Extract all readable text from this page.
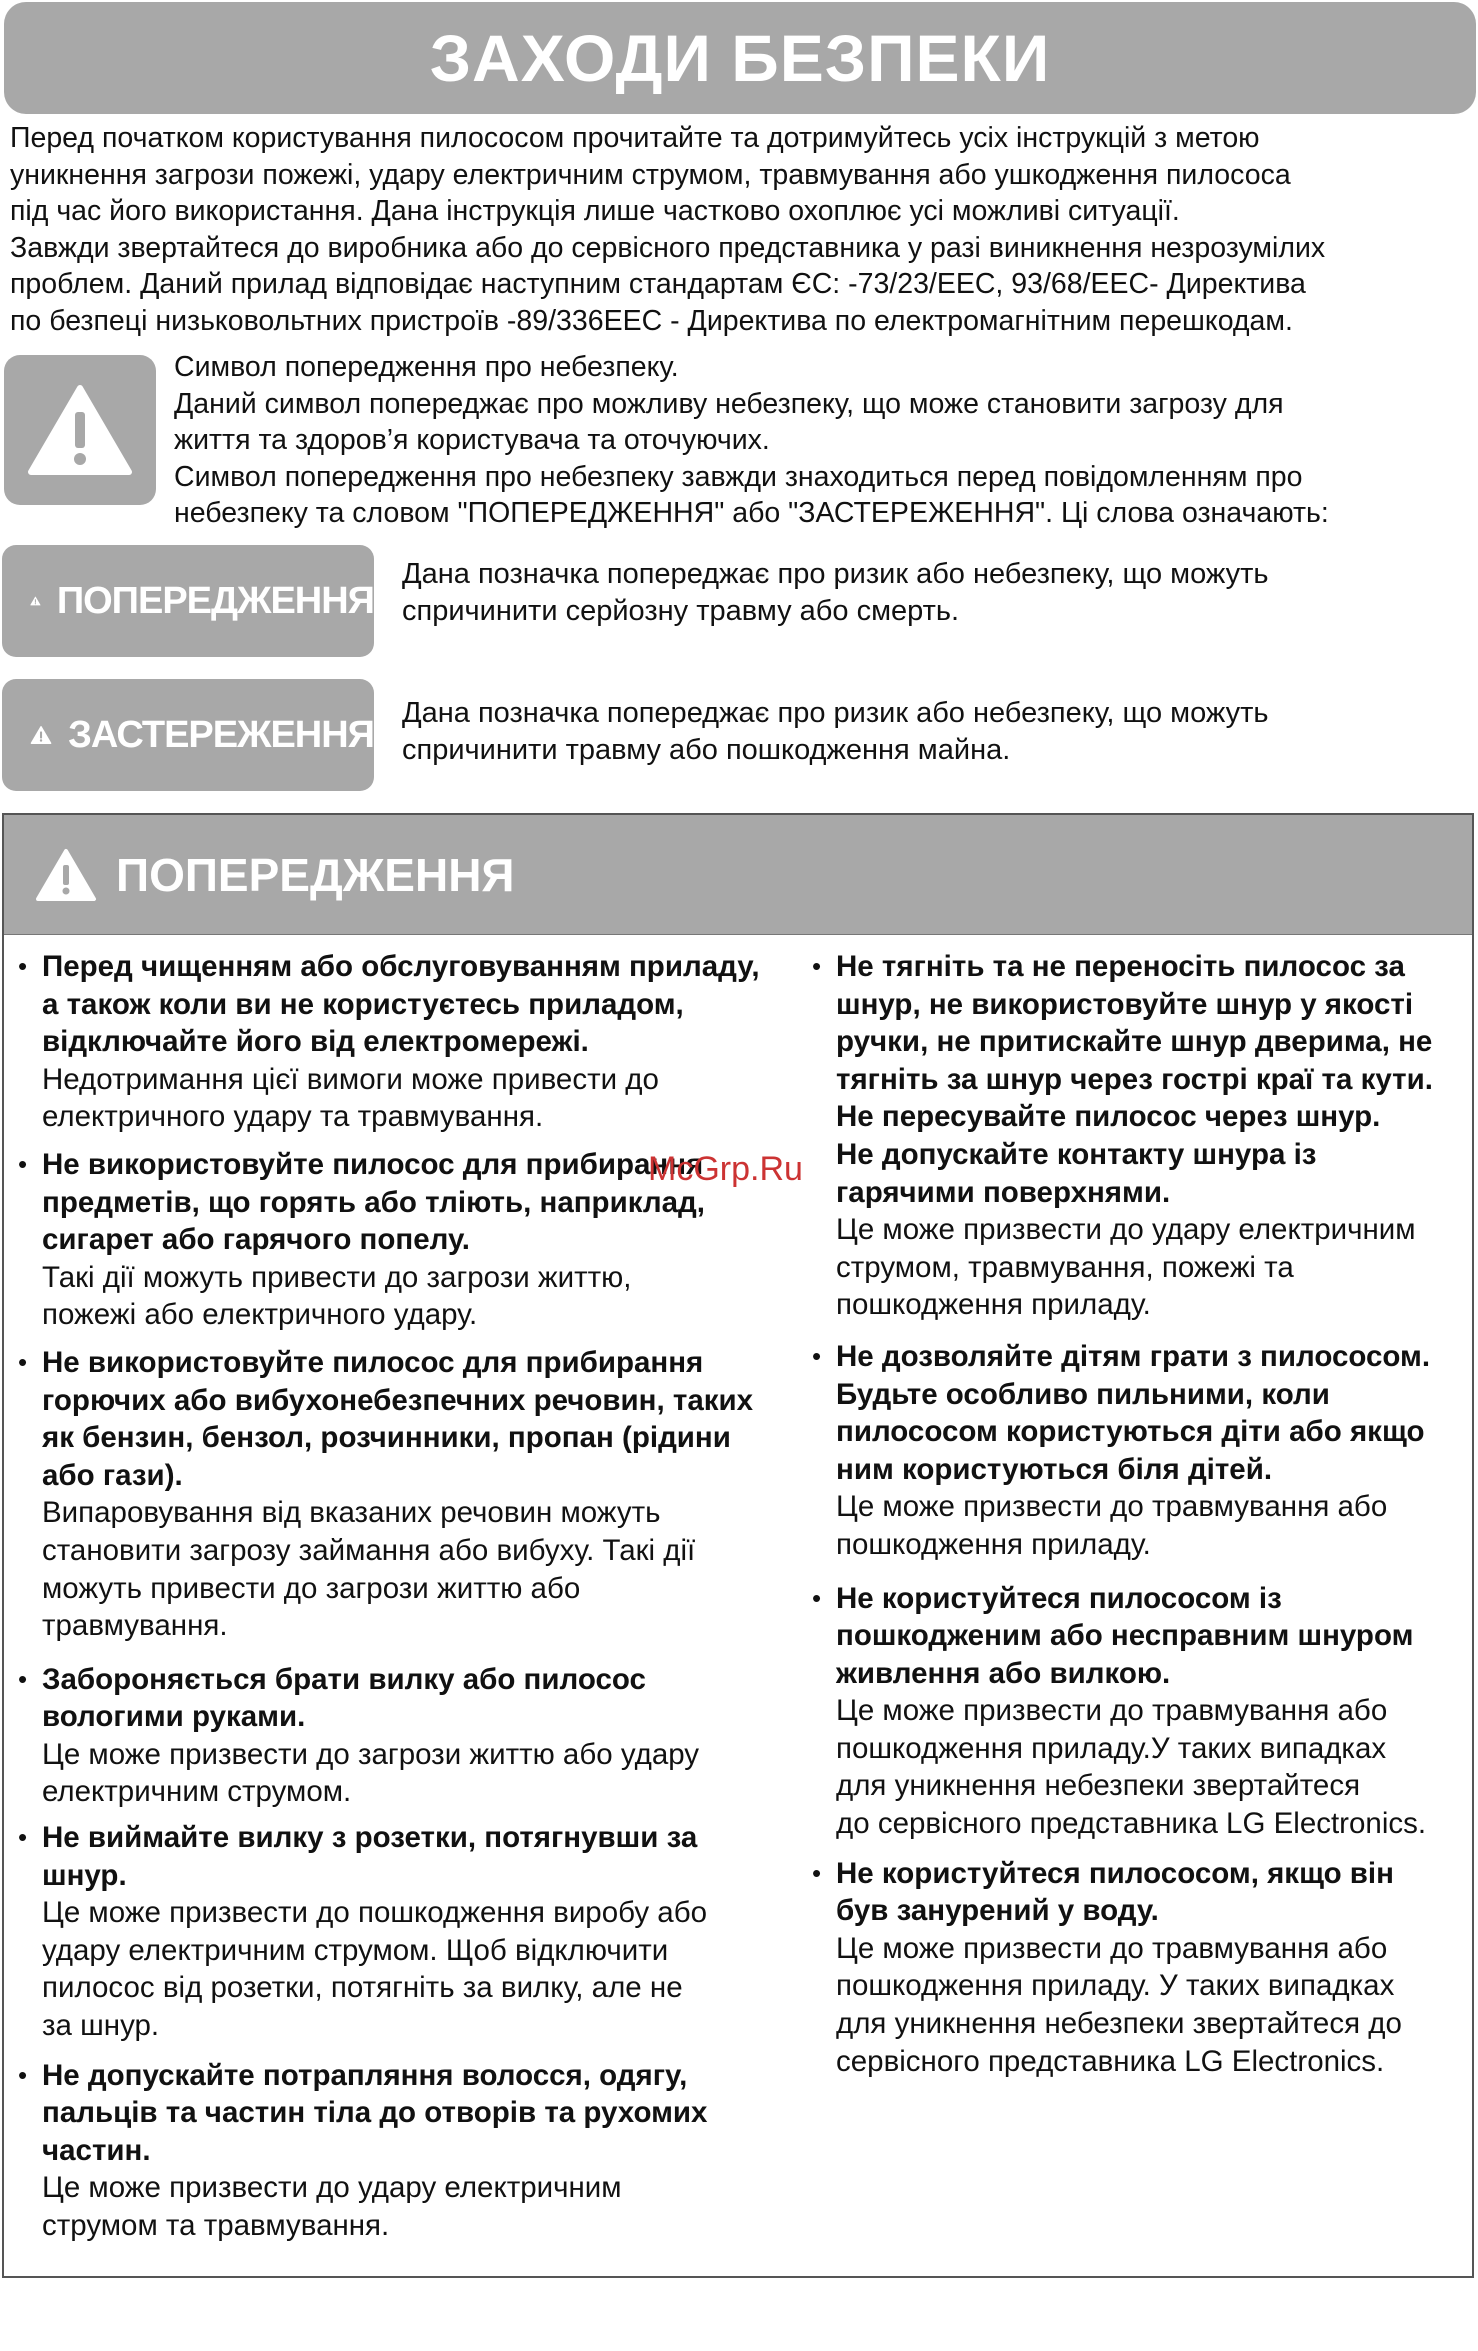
ЗАХОДИ БЕЗПЕКИ

Перед початком користування пилососом прочитайте та дотримуйтесь усіх інструкцій з метою
уникнення загрози пожежі, удару електричним струмом, травмування або ушкодження пилососа
під час його використання. Дана інструкція лише частково охоплює усі можливі ситуації.
Завжди звертайтеся до виробника або до сервісного представника у разі виникнення незрозумілих
проблем. Даний прилад відповідає наступним стандартам ЄС: -73/23/ЕЕС, 93/68/ЕЕС- Директива
по безпеці низьковольтних пристроїв -89/336ЕЕС - Директива по електромагнітним перешкодам.

Символ попередження про небезпеку.
Даний символ попереджає про можливу небезпеку, що може становити загрозу для
життя та здоров’я користувача та оточуючих.
Символ попередження про небезпеку завжди знаходиться перед повідомленням про
небезпеку та словом "ПОПЕРЕДЖЕННЯ" або "ЗАСТЕРЕЖЕННЯ". Ці слова означають:

ПОПЕРЕДЖЕННЯ

Дана позначка попереджає про ризик або небезпеку, що можуть
спричинити серйозну травму або смерть.

ЗАСТЕРЕЖЕННЯ

Дана позначка попереджає про ризик або небезпеку, що можуть
спричинити травму або пошкодження майна.

ПОПЕРЕДЖЕННЯ
• Перед чищенням або обслуговуванням приладу,
а також коли ви не користуєтесь приладом,
відключайте його від електромережі.
Недотримання цієї вимоги може привести до
електричного удару та травмування.
• Не використовуйте пилосос для прибирання
предметів, що горять або тліють, наприклад,
сигарет або гарячого попелу.
Такі дії можуть привести до загрози життю,
пожежі або електричного удару.
• Не використовуйте пилосос для прибирання
горючих або вибухонебезпечних речовин, таких
як бензин, бензол, розчинники, пропан (рідини
або гази).
Випаровування від вказаних речовин можуть
становити загрозу займання або вибуху. Такі дії
можуть привести до загрози життю або
травмування.
• Забороняється брати вилку або пилосос
вологими руками.
Це може призвести до загрози життю або удару
електричним струмом.
• Не виймайте вилку з розетки, потягнувши за
шнур.
Це може призвести до пошкодження виробу або
удару електричним струмом. Щоб відключити
пилосос від розетки, потягніть за вилку, але не
за шнур.
• Не допускайте потрапляння волосся, одягу,
пальців та частин тіла до отворів та рухомих
частин.
Це може призвести до удару електричним
струмом та травмування.
• Не тягніть та не переносіть пилосос за
шнур, не використовуйте шнур у якості
ручки, не притискайте шнур дверима, не
тягніть за шнур через гострі краї та кути.
Не пересувайте пилосос через шнур.
Не допускайте контакту шнура із
гарячими поверхнями.
Це може призвести до удару електричним
струмом, травмування, пожежі та
пошкодження приладу.
• Не дозволяйте дітям грати з пилососом.
Будьте особливо пильними, коли
пилососом користуються діти або якщо
ним користуються біля дітей.
Це може призвести до травмування або
пошкодження приладу.
• Не користуйтеся пилососом із
пошкодженим або несправним шнуром
живлення або вилкою.
Це може призвести до травмування або
пошкодження приладу.У таких випадках
для уникнення небезпеки звертайтеся
до сервісного представника LG Electronics.
• Не користуйтеся пилососом, якщо він
був занурений у воду.
Це може призвести до травмування або
пошкодження приладу. У таких випадках
для уникнення небезпеки звертайтеся до
сервісного представника LG Electronics.
McGrp.Ru
